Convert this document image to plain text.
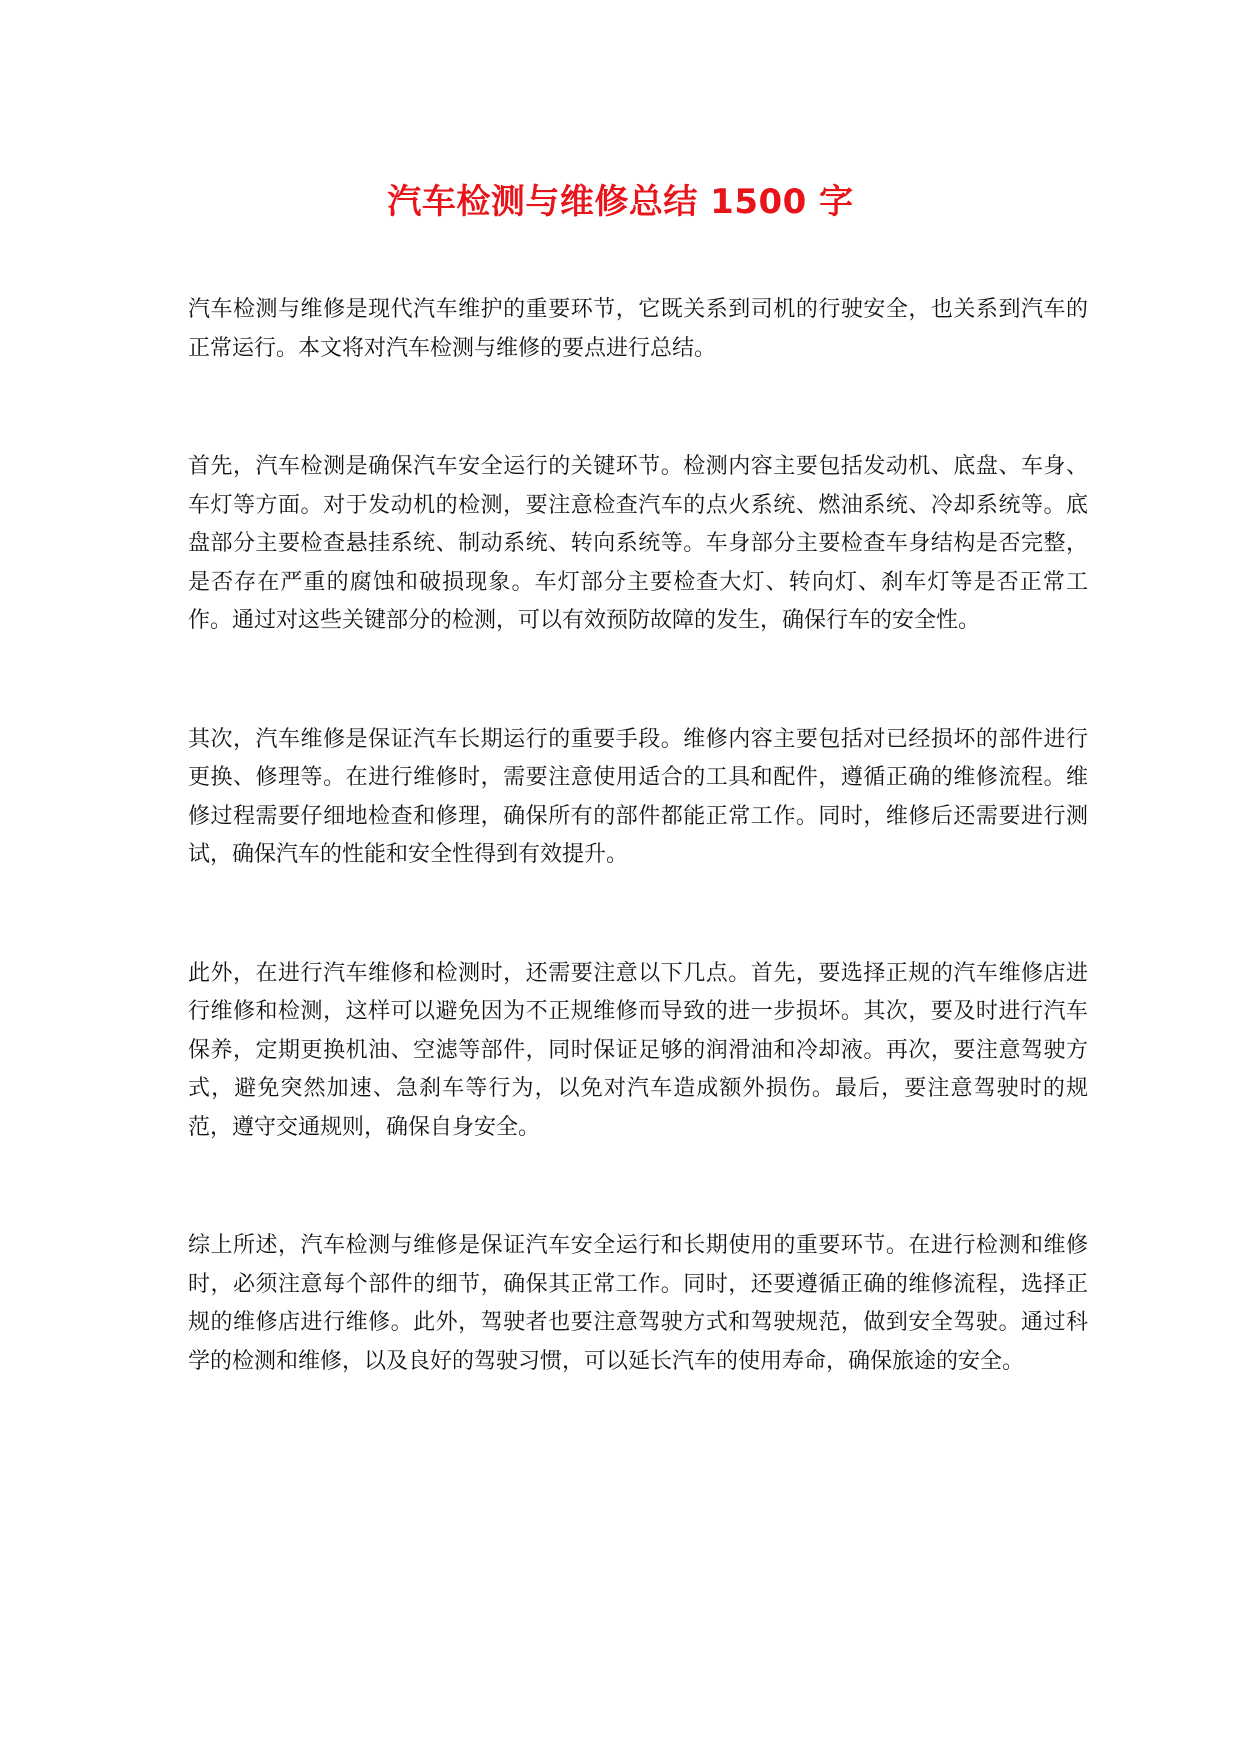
汽车检测与维修总结 1500 字

汽车检测与维修是现代汽车维护的重要环节，它既关系到司机的行驶安全，也关系到汽车的正常运行。本文将对汽车检测与维修的要点进行总结。

首先，汽车检测是确保汽车安全运行的关键环节。检测内容主要包括发动机、底盘、车身、车灯等方面。对于发动机的检测，要注意检查汽车的点火系统、燃油系统、冷却系统等。底盘部分主要检查悬挂系统、制动系统、转向系统等。车身部分主要检查车身结构是否完整，是否存在严重的腐蚀和破损现象。车灯部分主要检查大灯、转向灯、刹车灯等是否正常工作。通过对这些关键部分的检测，可以有效预防故障的发生，确保行车的安全性。

其次，汽车维修是保证汽车长期运行的重要手段。维修内容主要包括对已经损坏的部件进行更换、修理等。在进行维修时，需要注意使用适合的工具和配件，遵循正确的维修流程。维修过程需要仔细地检查和修理，确保所有的部件都能正常工作。同时，维修后还需要进行测试，确保汽车的性能和安全性得到有效提升。

此外，在进行汽车维修和检测时，还需要注意以下几点。首先，要选择正规的汽车维修店进行维修和检测，这样可以避免因为不正规维修而导致的进一步损坏。其次，要及时进行汽车保养，定期更换机油、空滤等部件，同时保证足够的润滑油和冷却液。再次，要注意驾驶方式，避免突然加速、急刹车等行为，以免对汽车造成额外损伤。最后，要注意驾驶时的规范，遵守交通规则，确保自身安全。

综上所述，汽车检测与维修是保证汽车安全运行和长期使用的重要环节。在进行检测和维修时，必须注意每个部件的细节，确保其正常工作。同时，还要遵循正确的维修流程，选择正规的维修店进行维修。此外，驾驶者也要注意驾驶方式和驾驶规范，做到安全驾驶。通过科学的检测和维修，以及良好的驾驶习惯，可以延长汽车的使用寿命，确保旅途的安全。
